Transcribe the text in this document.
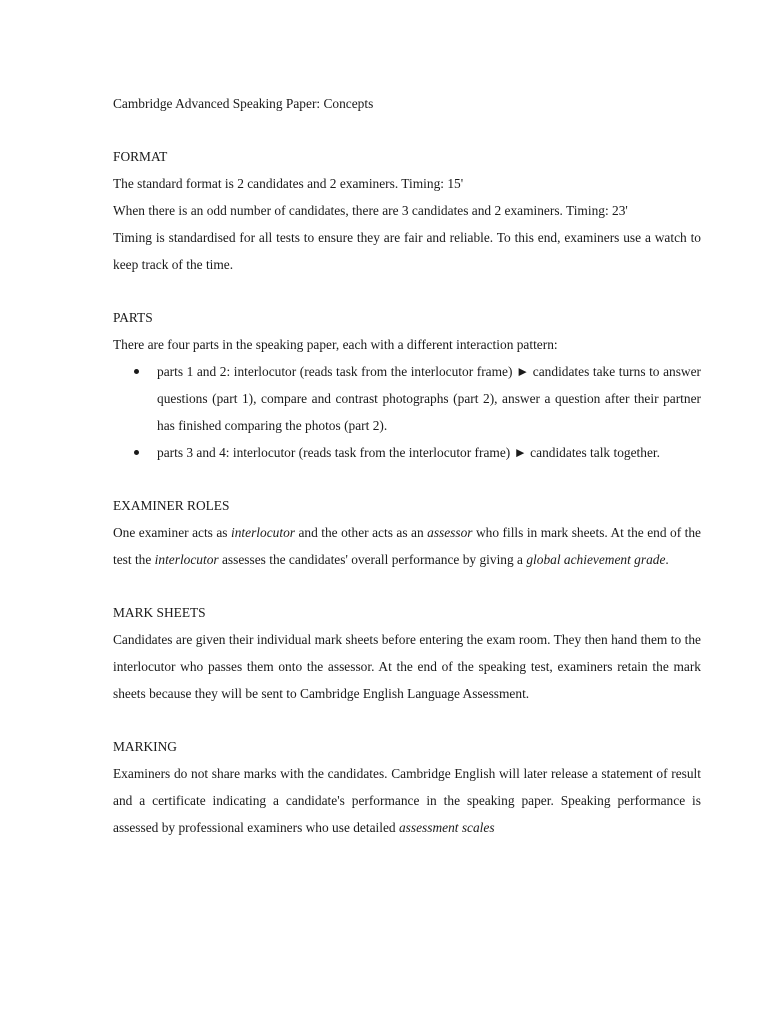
Cambridge Advanced Speaking Paper: Concepts

FORMAT

The standard format is 2 candidates and 2 examiners. Timing: 15'

When there is an odd number of candidates, there are 3 candidates and 2 examiners. Timing: 23'

Timing is standardised for all tests to ensure they are fair and reliable. To this end, examiners use a watch to keep track of the time.

PARTS

There are four parts in the speaking paper, each with a different interaction pattern:

parts 1 and 2: interlocutor (reads task from the interlocutor frame) ► candidates take turns to answer questions (part 1), compare and contrast photographs (part 2), answer a question after their partner has finished comparing the photos (part 2).
parts 3 and 4: interlocutor (reads task from the interlocutor frame) ► candidates talk together.

EXAMINER ROLES

One examiner acts as interlocutor and the other acts as an assessor who fills in mark sheets. At the end of the test the interlocutor assesses the candidates' overall performance by giving a global achievement grade.

MARK SHEETS

Candidates are given their individual mark sheets before entering the exam room. They then hand them to the interlocutor who passes them onto the assessor. At the end of the speaking test, examiners retain the mark sheets because they will be sent to Cambridge English Language Assessment.

MARKING

Examiners do not share marks with the candidates. Cambridge English will later release a statement of result and a certificate indicating a candidate's performance in the speaking paper. Speaking performance is assessed by professional examiners who use detailed assessment scales
